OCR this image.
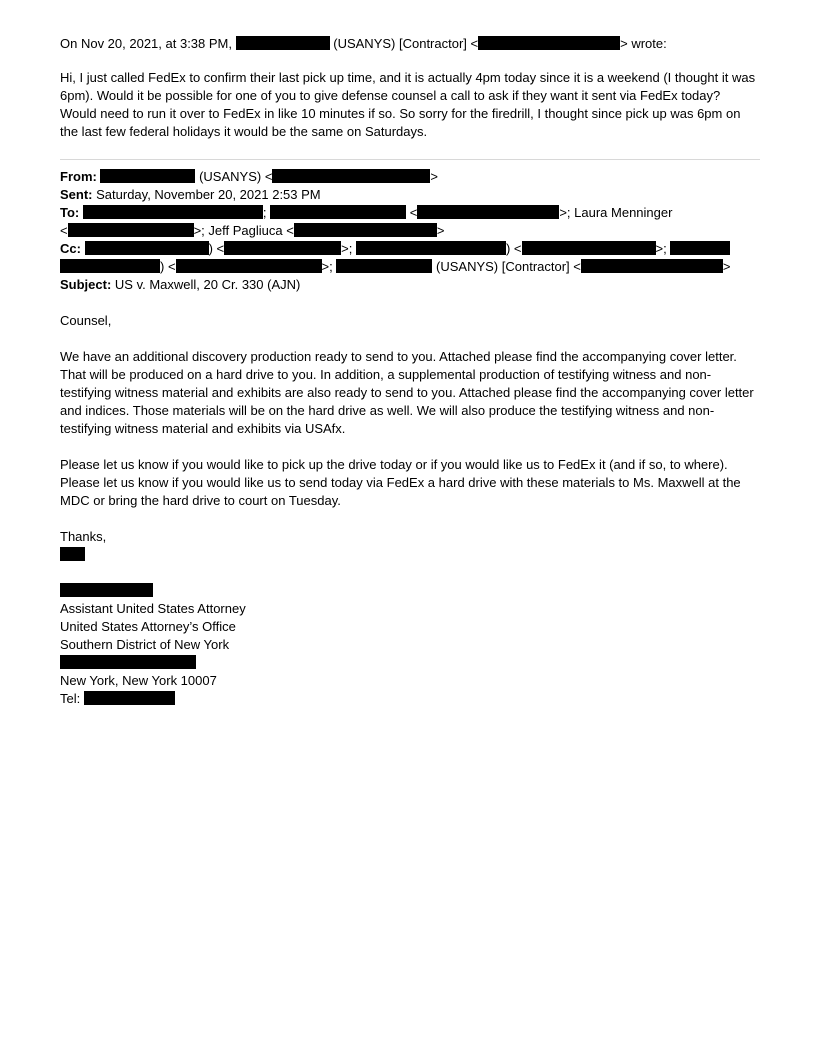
On Nov 20, 2021, at 3:38 PM,	(USANYS) [Contractor] <	> wrote:

Hi, I just called FedEx to confirm their last pick up time, and it is actually 4pm today since it is a weekend (I thought it was 6pm). Would it be possible for one of you to give defense counsel a call to ask if they want it sent via FedEx today? Would need to run it over to FedEx in like 10 minutes if so. So sorry for the firedrill, I thought since pick up was 6pm on the last few federal holidays it would be the same on Saturdays.

From:	(USANYS) <	>

Sent: Saturday, November 20, 2021 2:53 PM

To:	;	<	>; Laura Menninger

<	>; Jeff Pagliuca <	>

Cc:	) <	>;	) <	>;

) <	>;	(USANYS) [Contractor] <	>

Subject: US v. Maxwell, 20 Cr. 330 (AJN)

Counsel,

We have an additional discovery production ready to send to you. Attached please find the accompanying cover letter. That will be produced on a hard drive to you. In addition, a supplemental production of testifying witness and non-testifying witness material and exhibits are also ready to send to you. Attached please find the accompanying cover letter and indices. Those materials will be on the hard drive as well. We will also produce the testifying witness and non-testifying witness material and exhibits via USAfx.

Please let us know if you would like to pick up the drive today or if you would like us to FedEx it (and if so, to where). Please let us know if you would like us to send today via FedEx a hard drive with these materials to Ms. Maxwell at the MDC or bring the hard drive to court on Tuesday.

Thanks,

Assistant United States Attorney

United States Attorney’s Office

Southern District of New York

New York, New York 10007

Tel:
